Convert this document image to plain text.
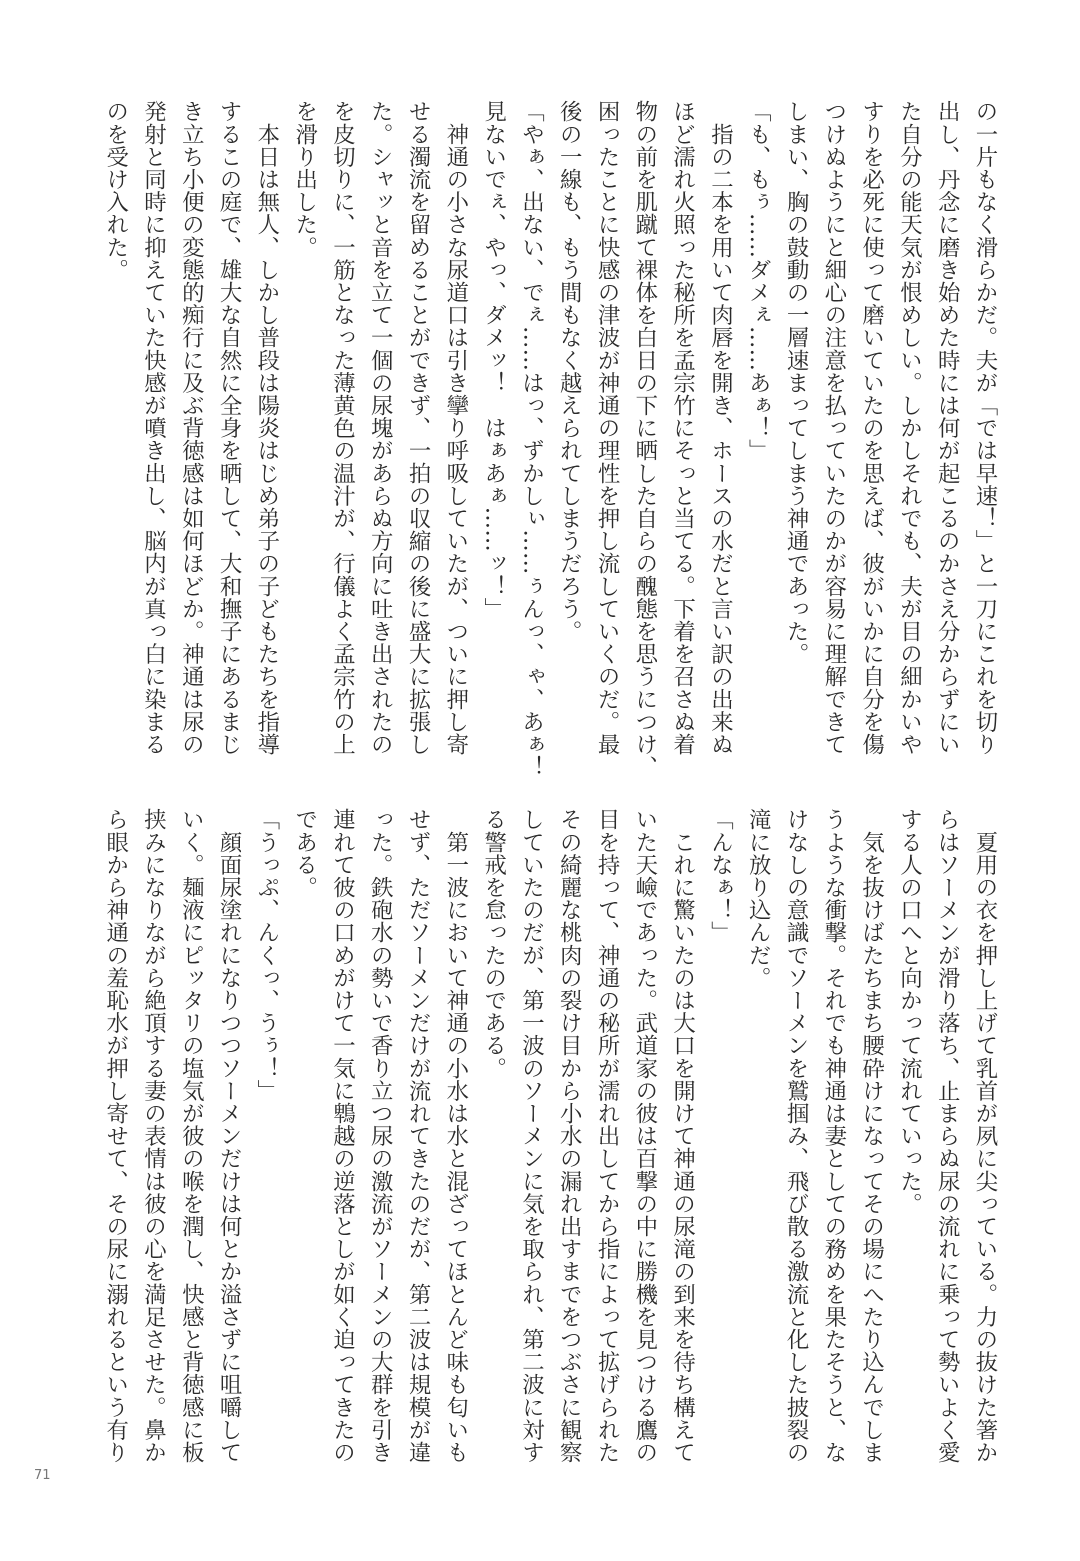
の一片もなく滑らかだ。夫が「では早速！」と一刀にこれを切り
出し、丹念に磨き始めた時には何が起こるのかさえ分からずにい
た自分の能天気が恨めしい。しかしそれでも、夫が目の細かいや
すりを必死に使って磨いていたのを思えば、彼がいかに自分を傷
つけぬようにと細心の注意を払っていたのかが容易に理解できて
しまい、胸の鼓動の一層速まってしまう神通であった。
「も、もぅ……ダメぇ……あぁ！」
　指の二本を用いて肉唇を開き、ホースの水だと言い訳の出来ぬ
ほど濡れ火照った秘所を孟宗竹にそっと当てる。下着を召さぬ着
物の前を肌蹴て裸体を白日の下に晒した自らの醜態を思うにつけ、
困ったことに快感の津波が神通の理性を押し流していくのだ。最
後の一線も、もう間もなく越えられてしまうだろう。
「やぁ、出ない、でぇ……はっ、ずかしぃ……ぅんっ、ゃ、あぁ！
見ないでぇ、やっ、ダメッ！　はぁあぁ……ッ！」
　神通の小さな尿道口は引き攣り呼吸していたが、ついに押し寄
せる濁流を留めることができず、一拍の収縮の後に盛大に拡張し
た。シャッと音を立て一個の尿塊があらぬ方向に吐き出されたの
を皮切りに、一筋となった薄黄色の温汁が、行儀よく孟宗竹の上
を滑り出した。
　本日は無人、しかし普段は陽炎はじめ弟子の子どもたちを指導
するこの庭で、雄大な自然に全身を晒して、大和撫子にあるまじ
き立ち小便の変態的痴行に及ぶ背徳感は如何ほどか。神通は尿の
発射と同時に抑えていた快感が噴き出し、脳内が真っ白に染まる
のを受け入れた。
　夏用の衣を押し上げて乳首が夙に尖っている。力の抜けた箸か
らはソーメンが滑り落ち、止まらぬ尿の流れに乗って勢いよく愛
する人の口へと向かって流れていった。
　気を抜けばたちまち腰砕けになってその場にへたり込んでしま
うような衝撃。それでも神通は妻としての務めを果たそうと、な
けなしの意識でソーメンを鷲掴み、飛び散る激流と化した披裂の
滝に放り込んだ。
「んなぁ！」
　これに驚いたのは大口を開けて神通の尿滝の到来を待ち構えて
いた天嶮であった。武道家の彼は百撃の中に勝機を見つける鷹の
目を持って、神通の秘所が濡れ出してから指によって拡げられた
その綺麗な桃肉の裂け目から小水の漏れ出すまでをつぶさに観察
していたのだが、第一波のソーメンに気を取られ、第二波に対す
る警戒を怠ったのである。
　第一波において神通の小水は水と混ざってほとんど味も匂いも
せず、ただソーメンだけが流れてきたのだが、第二波は規模が違
った。鉄砲水の勢いで香り立つ尿の激流がソーメンの大群を引き
連れて彼の口めがけて一気に鵯越の逆落としが如く迫ってきたの
である。
「うっぷ、んくっ、うぅ！」
　顔面尿塗れになりつつソーメンだけは何とか溢さずに咀嚼して
いく。麺液にピッタリの塩気が彼の喉を潤し、快感と背徳感に板
挟みになりながら絶頂する妻の表情は彼の心を満足させた。鼻か
ら眼から神通の羞恥水が押し寄せて、その尿に溺れるという有り
71
